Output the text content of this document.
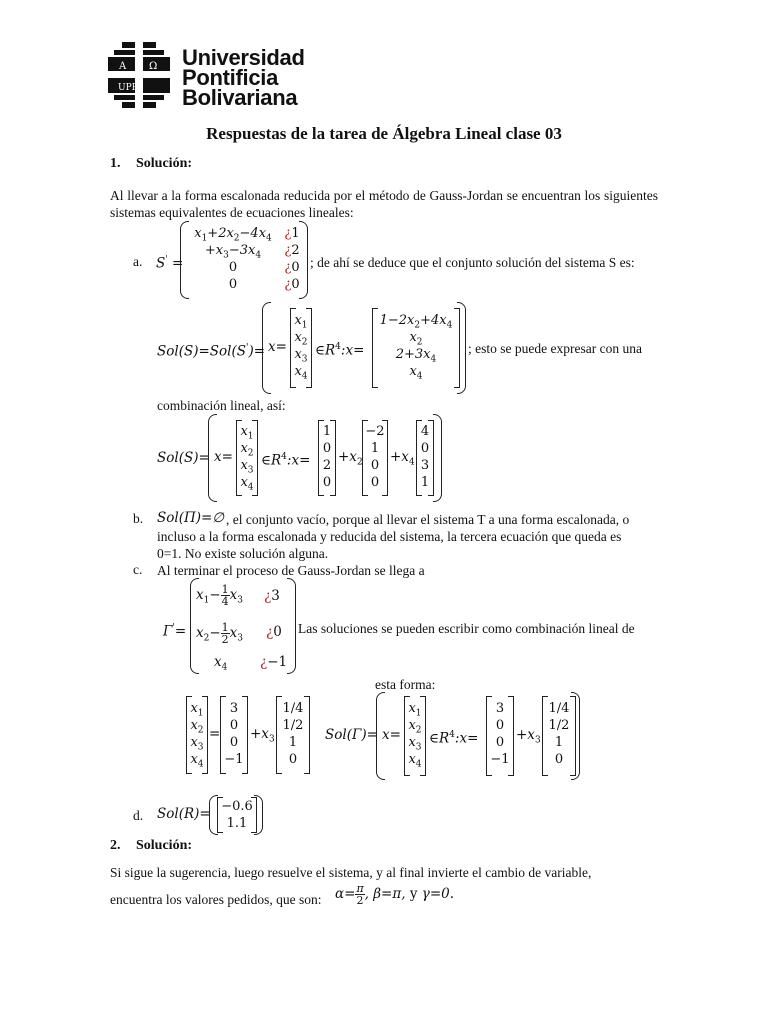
A Ω
UPB
Universidad
Pontificia
Bolivariana
Respuestas de la tarea de Álgebra Lineal clase 03
1. Solución:
Al llevar a la forma escalonada reducida por el método de Gauss-Jordan se encuentran los siguientes sistemas equivalentes de ecuaciones lineales:
a. S' =
$x_1+2x_2-4x_4$
$+x_3-3x_4$
0
0
¿1
¿2
¿0
¿0
; de ahí se deduce que el conjunto solución del sistema S es:
Sol(S)=Sol(S')= x=
$x_1$
$x_2$
$x_3$
$x_4$
$\in R^4:x=$
$1-2x_2+4x_4$
$x_2$
$2+3x_4$
$x_4$
; esto se puede expresar con una
combinación lineal, así:
Sol(S)= x=
$x_1$
$x_2$
$x_3$
$x_4$
$\in R^4:x=$
1
0
2
0
$+x_2$
−2
1
0
0
$+x_4$
4
0
3
1
b. Sol(Π)=∅ , el conjunto vacío, porque al llevar el sistema T a una forma escalonada, o
incluso a la forma escalonada y reducida del sistema, la tercera ecuación que queda es
0=1. No existe solución alguna.
c. Al terminar el proceso de Gauss-Jordan se llega a
Γ'=
$x_1- \frac{1}{4} x_3$
$x_2- \frac{1}{2} x_3$
$x_4$
¿3
¿0
¿−1
Las soluciones se pueden escribir como combinación lineal de
esta forma:
$x_1$
$x_2$
$x_3$
$x_4$
=
3
0
0
−1
$+x_3$
1/4
1/2
1
0
Sol(Γ)= x=
$x_1$
$x_2$
$x_3$
$x_4$
$\in R^4:x=$
3
0
0
−1
$+x_3$
1/4
1/2
1
0
d. Sol(R)= −0.6
1.1
2. Solución:
Si sigue la sugerencia, luego resuelve el sistema, y al final invierte el cambio de variable,
encuentra los valores pedidos, que son: $\alpha= \frac{\pi}{2}$ , β=π, y γ=0.
